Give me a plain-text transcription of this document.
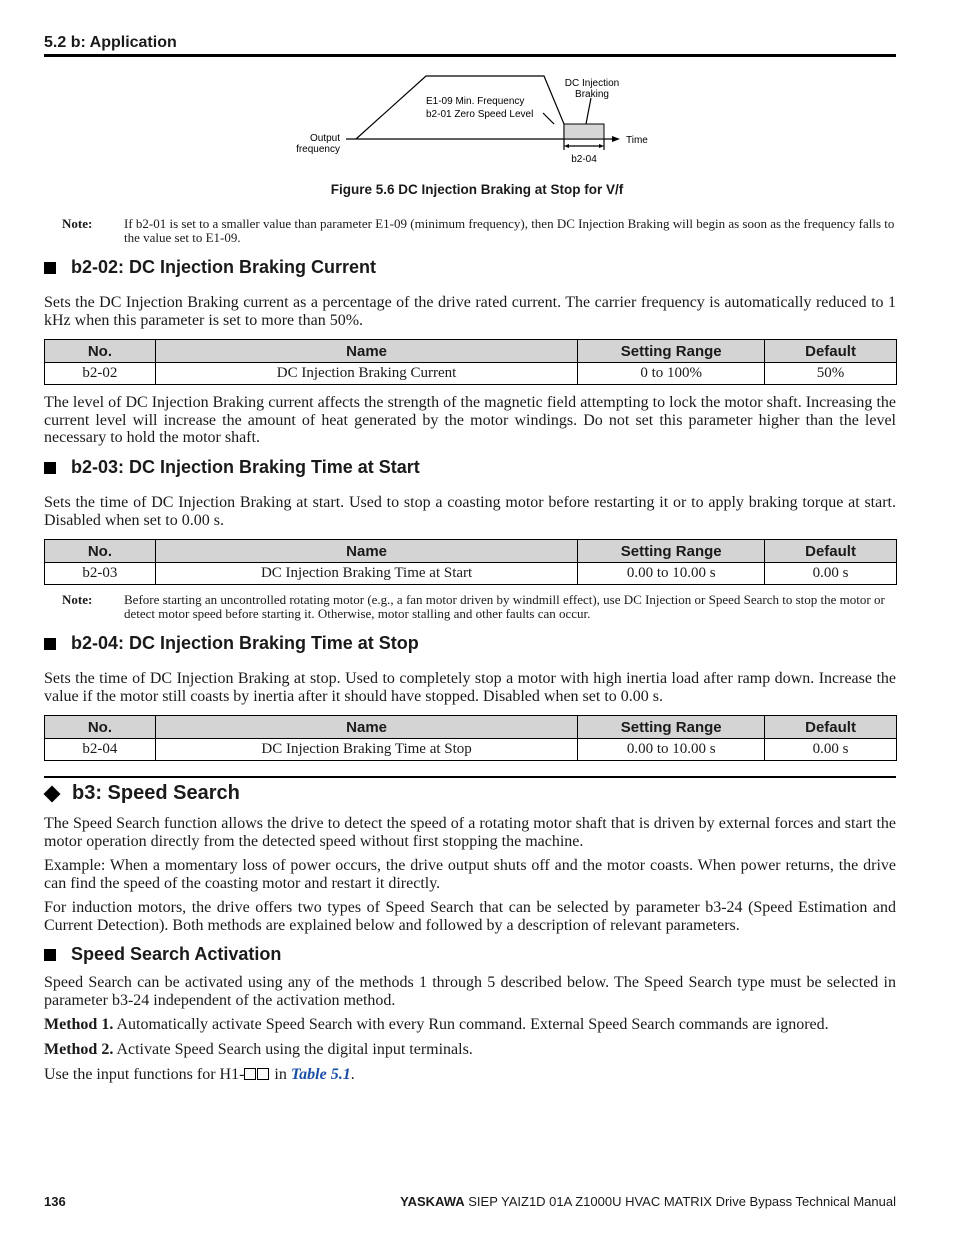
5.2 b: Application
Output
frequency
E1-09 Min. Frequency
b2-01 Zero Speed Level
DC Injection
Braking
Time
b2-04
Figure 5.6 DC Injection Braking at Stop for V/f
Note: If b2-01 is set to a smaller value than parameter E1-09 (minimum frequency), then DC Injection Braking will begin as soon as the frequency falls to the value set to E1-09.
b2-02: DC Injection Braking Current
Sets the DC Injection Braking current as a percentage of the drive rated current. The carrier frequency is automatically reduced to 1 kHz when this parameter is set to more than 50%.
No.	Name	Setting Range	Default
b2-02	DC Injection Braking Current	0 to 100%	50%
The level of DC Injection Braking current affects the strength of the magnetic field attempting to lock the motor shaft. Increasing the current level will increase the amount of heat generated by the motor windings. Do not set this parameter higher than the level necessary to hold the motor shaft.
b2-03: DC Injection Braking Time at Start
Sets the time of DC Injection Braking at start. Used to stop a coasting motor before restarting it or to apply braking torque at start. Disabled when set to 0.00 s.
No.	Name	Setting Range	Default
b2-03	DC Injection Braking Time at Start	0.00 to 10.00 s	0.00 s
Note: Before starting an uncontrolled rotating motor (e.g., a fan motor driven by windmill effect), use DC Injection or Speed Search to stop the motor or detect motor speed before starting it. Otherwise, motor stalling and other faults can occur.
b2-04: DC Injection Braking Time at Stop
Sets the time of DC Injection Braking at stop. Used to completely stop a motor with high inertia load after ramp down. Increase the value if the motor still coasts by inertia after it should have stopped. Disabled when set to 0.00 s.
No.	Name	Setting Range	Default
b2-04	DC Injection Braking Time at Stop	0.00 to 10.00 s	0.00 s
b3: Speed Search
The Speed Search function allows the drive to detect the speed of a rotating motor shaft that is driven by external forces and start the motor operation directly from the detected speed without first stopping the machine.
Example: When a momentary loss of power occurs, the drive output shuts off and the motor coasts. When power returns, the drive can find the speed of the coasting motor and restart it directly.
For induction motors, the drive offers two types of Speed Search that can be selected by parameter b3-24 (Speed Estimation and Current Detection). Both methods are explained below and followed by a description of relevant parameters.
Speed Search Activation
Speed Search can be activated using any of the methods 1 through 5 described below. The Speed Search type must be selected in parameter b3-24 independent of the activation method.
Method 1. Automatically activate Speed Search with every Run command. External Speed Search commands are ignored.
Method 2. Activate Speed Search using the digital input terminals.
Use the input functions for H1- in Table 5.1.
136	YASKAWA SIEP YAIZ1D 01A Z1000U HVAC MATRIX Drive Bypass Technical Manual
